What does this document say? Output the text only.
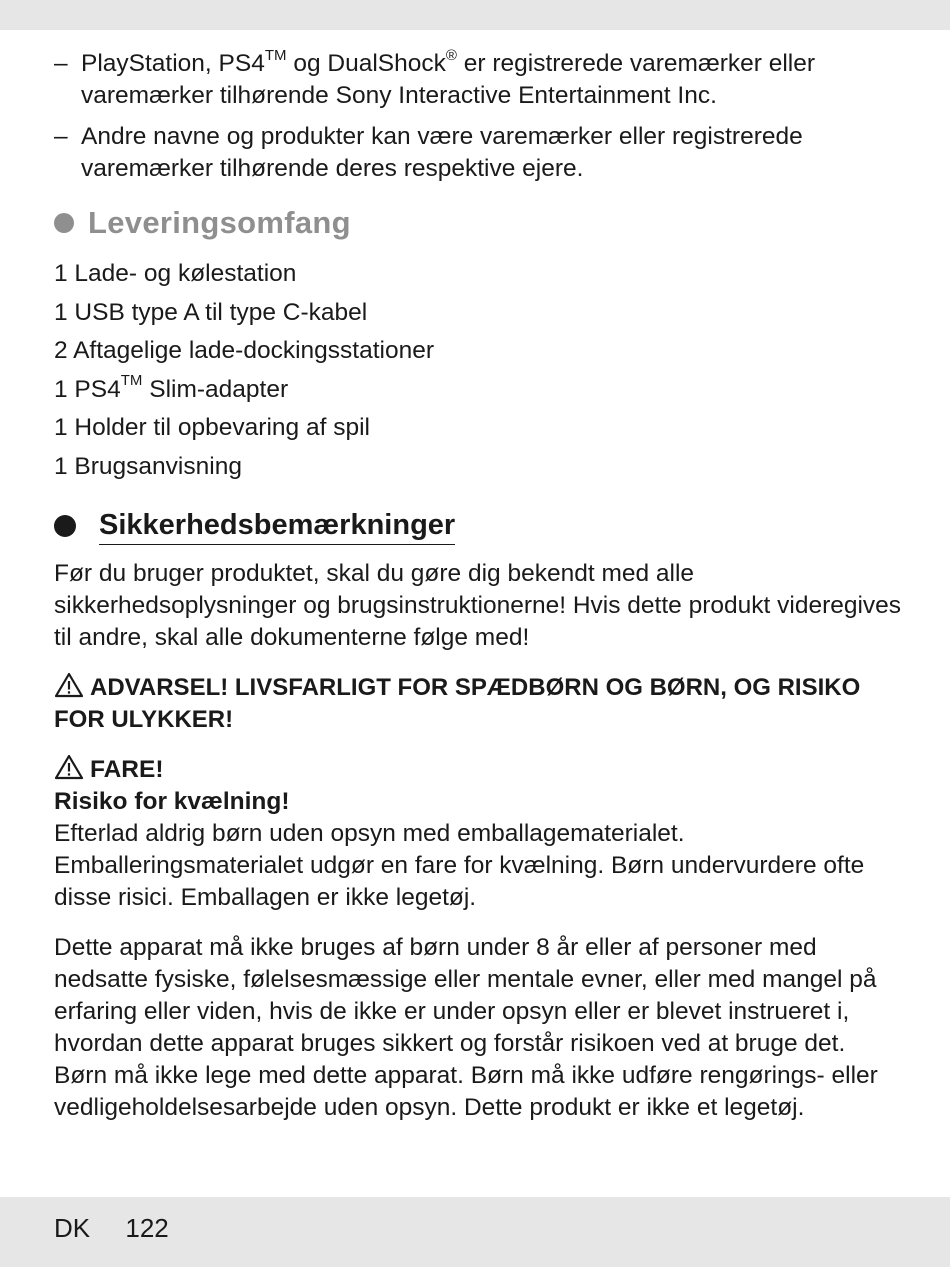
– PlayStation, PS4™ og DualShock® er registrerede varemærker eller varemærker tilhørende Sony Interactive Entertainment Inc.
– Andre navne og produkter kan være varemærker eller registrerede varemærker tilhørende deres respektive ejere.
Leveringsomfang
1 Lade- og kølestation
1 USB type A til type C-kabel
2 Aftagelige lade-dockingsstationer
1 PS4™ Slim-adapter
1 Holder til opbevaring af spil
1 Brugsanvisning
Sikkerhedsbemærkninger

Før du bruger produktet, skal du gøre dig bekendt med alle sikkerhedsoplysninger og brugsinstruktionerne! Hvis dette produkt videregives til andre, skal alle dokumenterne følge med!

ADVARSEL! LIVSFARLIGT FOR SPÆDBØRN OG BØRN, OG RISIKO FOR ULYKKER!

FARE!

Risiko for kvælning!

Efterlad aldrig børn uden opsyn med emballagematerialet. Emballeringsmaterialet udgør en fare for kvælning. Børn undervurdere ofte disse risici. Emballagen er ikke legetøj.

Dette apparat må ikke bruges af børn under 8 år eller af personer med nedsatte fysiske, følelsesmæssige eller mentale evner, eller med mangel på erfaring eller viden, hvis de ikke er under opsyn eller er blevet instrueret i, hvordan dette apparat bruges sikkert og forstår risikoen ved at bruge det. Børn må ikke lege med dette apparat. Børn må ikke udføre rengørings- eller vedligeholdelsesarbejde uden opsyn. Dette produkt er ikke et legetøj.

DK 122
